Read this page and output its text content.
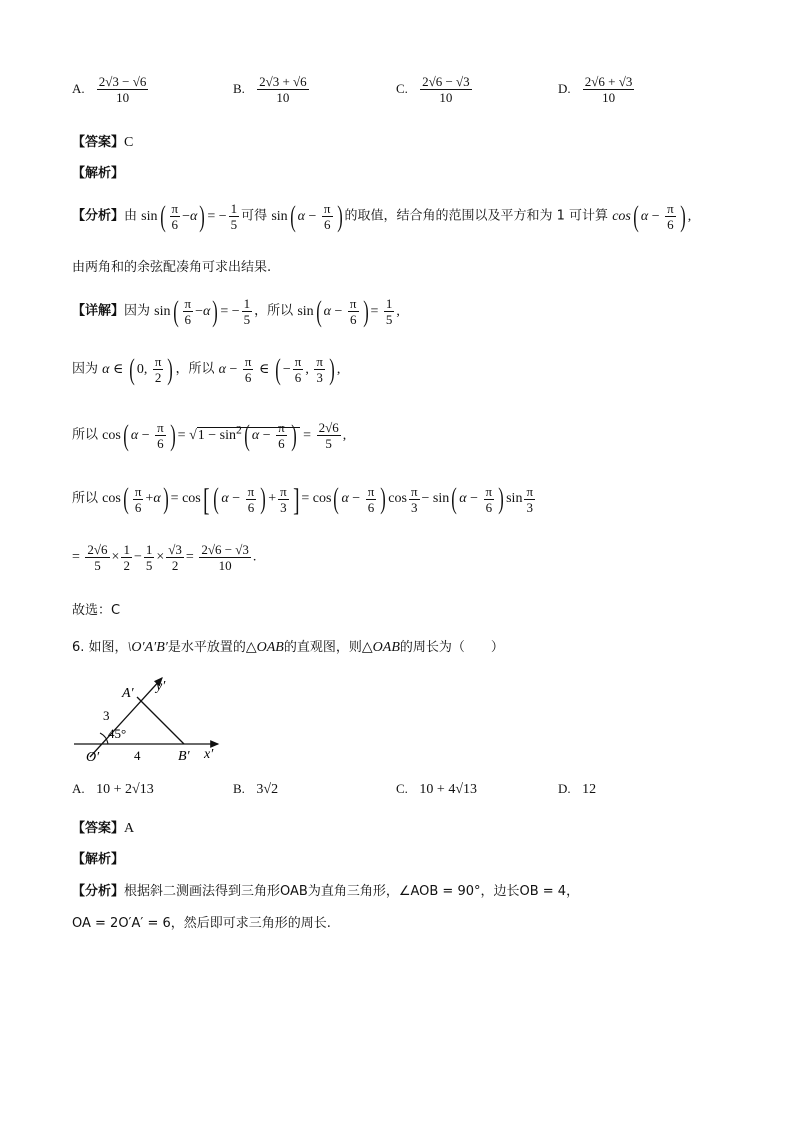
A. $\frac{2√3 - √6}{10}$	B. $\frac{2√3 + √6}{10}$	C. $\frac{2√6 - √3}{10}$	D. $\frac{2√6 + √3}{10}$
【答案】C
【解析】
【分析】由 $\sin( \frac{\pi}{6} -\alpha)$ = − $\frac{1}{5}$ 可得 sin( $\alpha - \frac{\pi}{6}$ ) 的取值，结合角的范围以及平方和为 1 可计算 cos( $\alpha - \frac{\pi}{6}$ ) ,
由两角和的余弦配凑角可求出结果.
【详解】因为 $\sin( \frac{\pi}{6} -\alpha)$ = − $\frac{1}{5}$ ，所以 sin( $\alpha - \frac{\pi}{6}$ ) = $\frac{1}{5}$ ,
因为 α ∈ ( 0, $\frac{\pi}{2}$ ) ，所以 $\alpha - \frac{\pi}{6}$ ∈ ( − $\frac{\pi}{6}$ , $\frac{\pi}{3}$ ) ,
所以 cos( $\alpha - \frac{\pi}{6}$ ) = $√1 - \sin^2$( $\alpha - \frac{\pi}{6}$ ) = $\frac{2√6}{5}$ ,
所以 $\cos( \frac{\pi}{6} +\alpha) = \cos$[ ( $\alpha - \frac{\pi}{6}$ ) + $\frac{\pi}{3}$ ] = cos( $\alpha - \frac{\pi}{6}$ ) $\cos \frac{\pi}{3} - \sin$( $\alpha - \frac{\pi}{6}$ ) $\sin \frac{\pi}{3}$
= $\frac{2√6}{5} \times \frac{1}{2} - \frac{1}{5} \times \frac{√3}{2} = \frac{2√6 - √3}{10}$ .
故选：C
6. 如图，\O′A′B′是水平放置的△OAB的直观图，则△OAB的周长为（　　）
A′ y′
3
45°
O′	4	B′ x′
A. 10 + 2√13	B. 3√2	C. 10 + 4√13	D. 12
【答案】A
【解析】
【分析】根据斜二测画法得到三角形OAB为直角三角形，∠AOB = 90°，边长OB = 4，
OA = 2O′A′ = 6，然后即可求三角形的周长.
